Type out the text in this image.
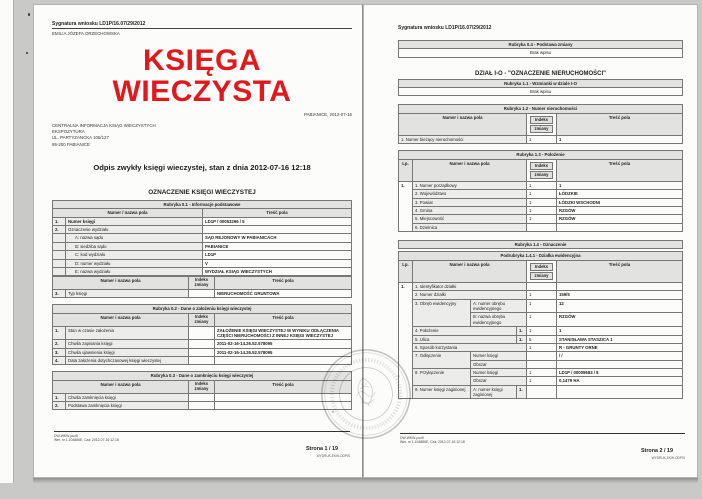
Sygnatura wniosku LD1P/16.07/29/2012
EMILIA JÓZEFA ORZECHOWSKA
KSIĘGA WIECZYSTA
PABIANICE, 2012-07-16
CENTRALNA INFORMACJA KSIĄG WIECZYSTYCH
EKSPOZYTURA
UL. PARTYZANCKA 105/127
95-200 PABIANICE
Odpis zwykły księgi wieczystej, stan z dnia 2012-07-16 12:18
OZNACZENIE KSIĘGI WIECZYSTEJ
Rubryka 0.1 - Informacje podstawowe		
Numer / nazwa pola		Treść pola
1.	Numer księgi	LD1P / 00053266 / 5
2.	Oznaczenie wydziału	
	A: nazwa sądu	SĄD REJONOWY W PABIANICACH
	B: siedziba sądu	PABIANICE
	C: kod wydziału	LD1P
	D: numer wydziału	V
	E: nazwa wydziału	WYDZIAŁ KSIĄG WIECZYSTYCH
Numer i nazwa pola		Indeks
zmiany	Treść pola
3.	Typ księgi		NIERUCHOMOŚĆ GRUNTOWA
Rubryka 0.2 - Dane o założeniu księgi wieczystej			
Numer i nazwa pola		Indeks
zmiany	Treść pola
1.	Stan w czasie założenia		ZAŁOŻENIE KSIĘGI WIECZYSTEJ W WYNIKU ODŁĄCZENIA CZĘŚCI NIERUCHOMOŚCI Z INNEJ KSIĘGI WIECZYSTEJ
2.	Chwila zapisania księgi		2011-02-16-14.26.52.578095
3.	Chwila ujawnienia księgi		2011-02-16-14.26.52.578095
4.	Data założenia dotychczasowej księgi wieczystej		
Rubryka 0.3 - Dane o zamknięciu księgi wieczystej			
Numer i nazwa pola		Indeks
zmiany	Treść pola
1.	Chwila zamknięcia księgi		
2.	Podstawa zamknięcia księgi		
DW-WKW-poz5
Wer. nr 1.104886E, Cza: 2012-07-16 12:18
Strona 1 / 19
WYDRUK-EKW-ODPIS
Sygnatura wniosku LD1P/16.07/29/2012
Rubryka 0.4 - Podstawa zmiany
Brak wpisu
DZIAŁ I-O - "OZNACZENIE NIERUCHOMOŚCI"
Rubryka 1.1 - Wzmianki w dziale I-O
Brak wpisu
Rubryka 1.2 - Numer nieruchomości		
Numer i nazwa pola	Indeks
zmiany	Treść pola
1. Numer bieżący nieruchomości	1	1
Rubryka 1.3 - Położenie			
Lp.	Numer i nazwa pola	Indeks
zmiany	Treść pola
1.	1. Numer porządkowy	1	1
	2. Województwo	1	ŁÓDZKIE
	3. Powiat	1	ŁÓDZKI WSCHODNI
	4. Gmina	1	RZGÓW
	5. Miejscowość	1	RZGÓW
	6. Dzielnica		
Rubryka 1.4 - Oznaczenie
Podrubryka 1.4.1 - Działka ewidencyjna					
Lp.	Numer i nazwa pola			Indeks
zmiany	Treść pola
1.	1. Identyfikator działki				
	2. Numer działki			1	159/5
	3. Obręb ewidencyjny	A: numer obrębu ewidencyjnego		1	12
		B: nazwa obrębu ewidencyjnego		1	RZGÓW
	4. Położenie		1.	1	1
	5. Ulica		1.	5	STANISŁAWA STASZICA 1
	6. Sposób korzystania			1	R - GRUNTY ORNE
	7. Odłączenie	Numer księgi			/ /
		Obszar			
	8. Przyłączenie	Numer księgi		1	LD1P / 00009683 / 8
		Obszar		1	0,1479 HA
	9. Numer księgi zaginionej	A: numer księgi zaginionej	1.		
DW-WKW-poz5
Wer. nr 1.104886E, Cza: 2012-07-16 12:18
Strona 2 / 19
WYDRUK-EKW-ODPIS
